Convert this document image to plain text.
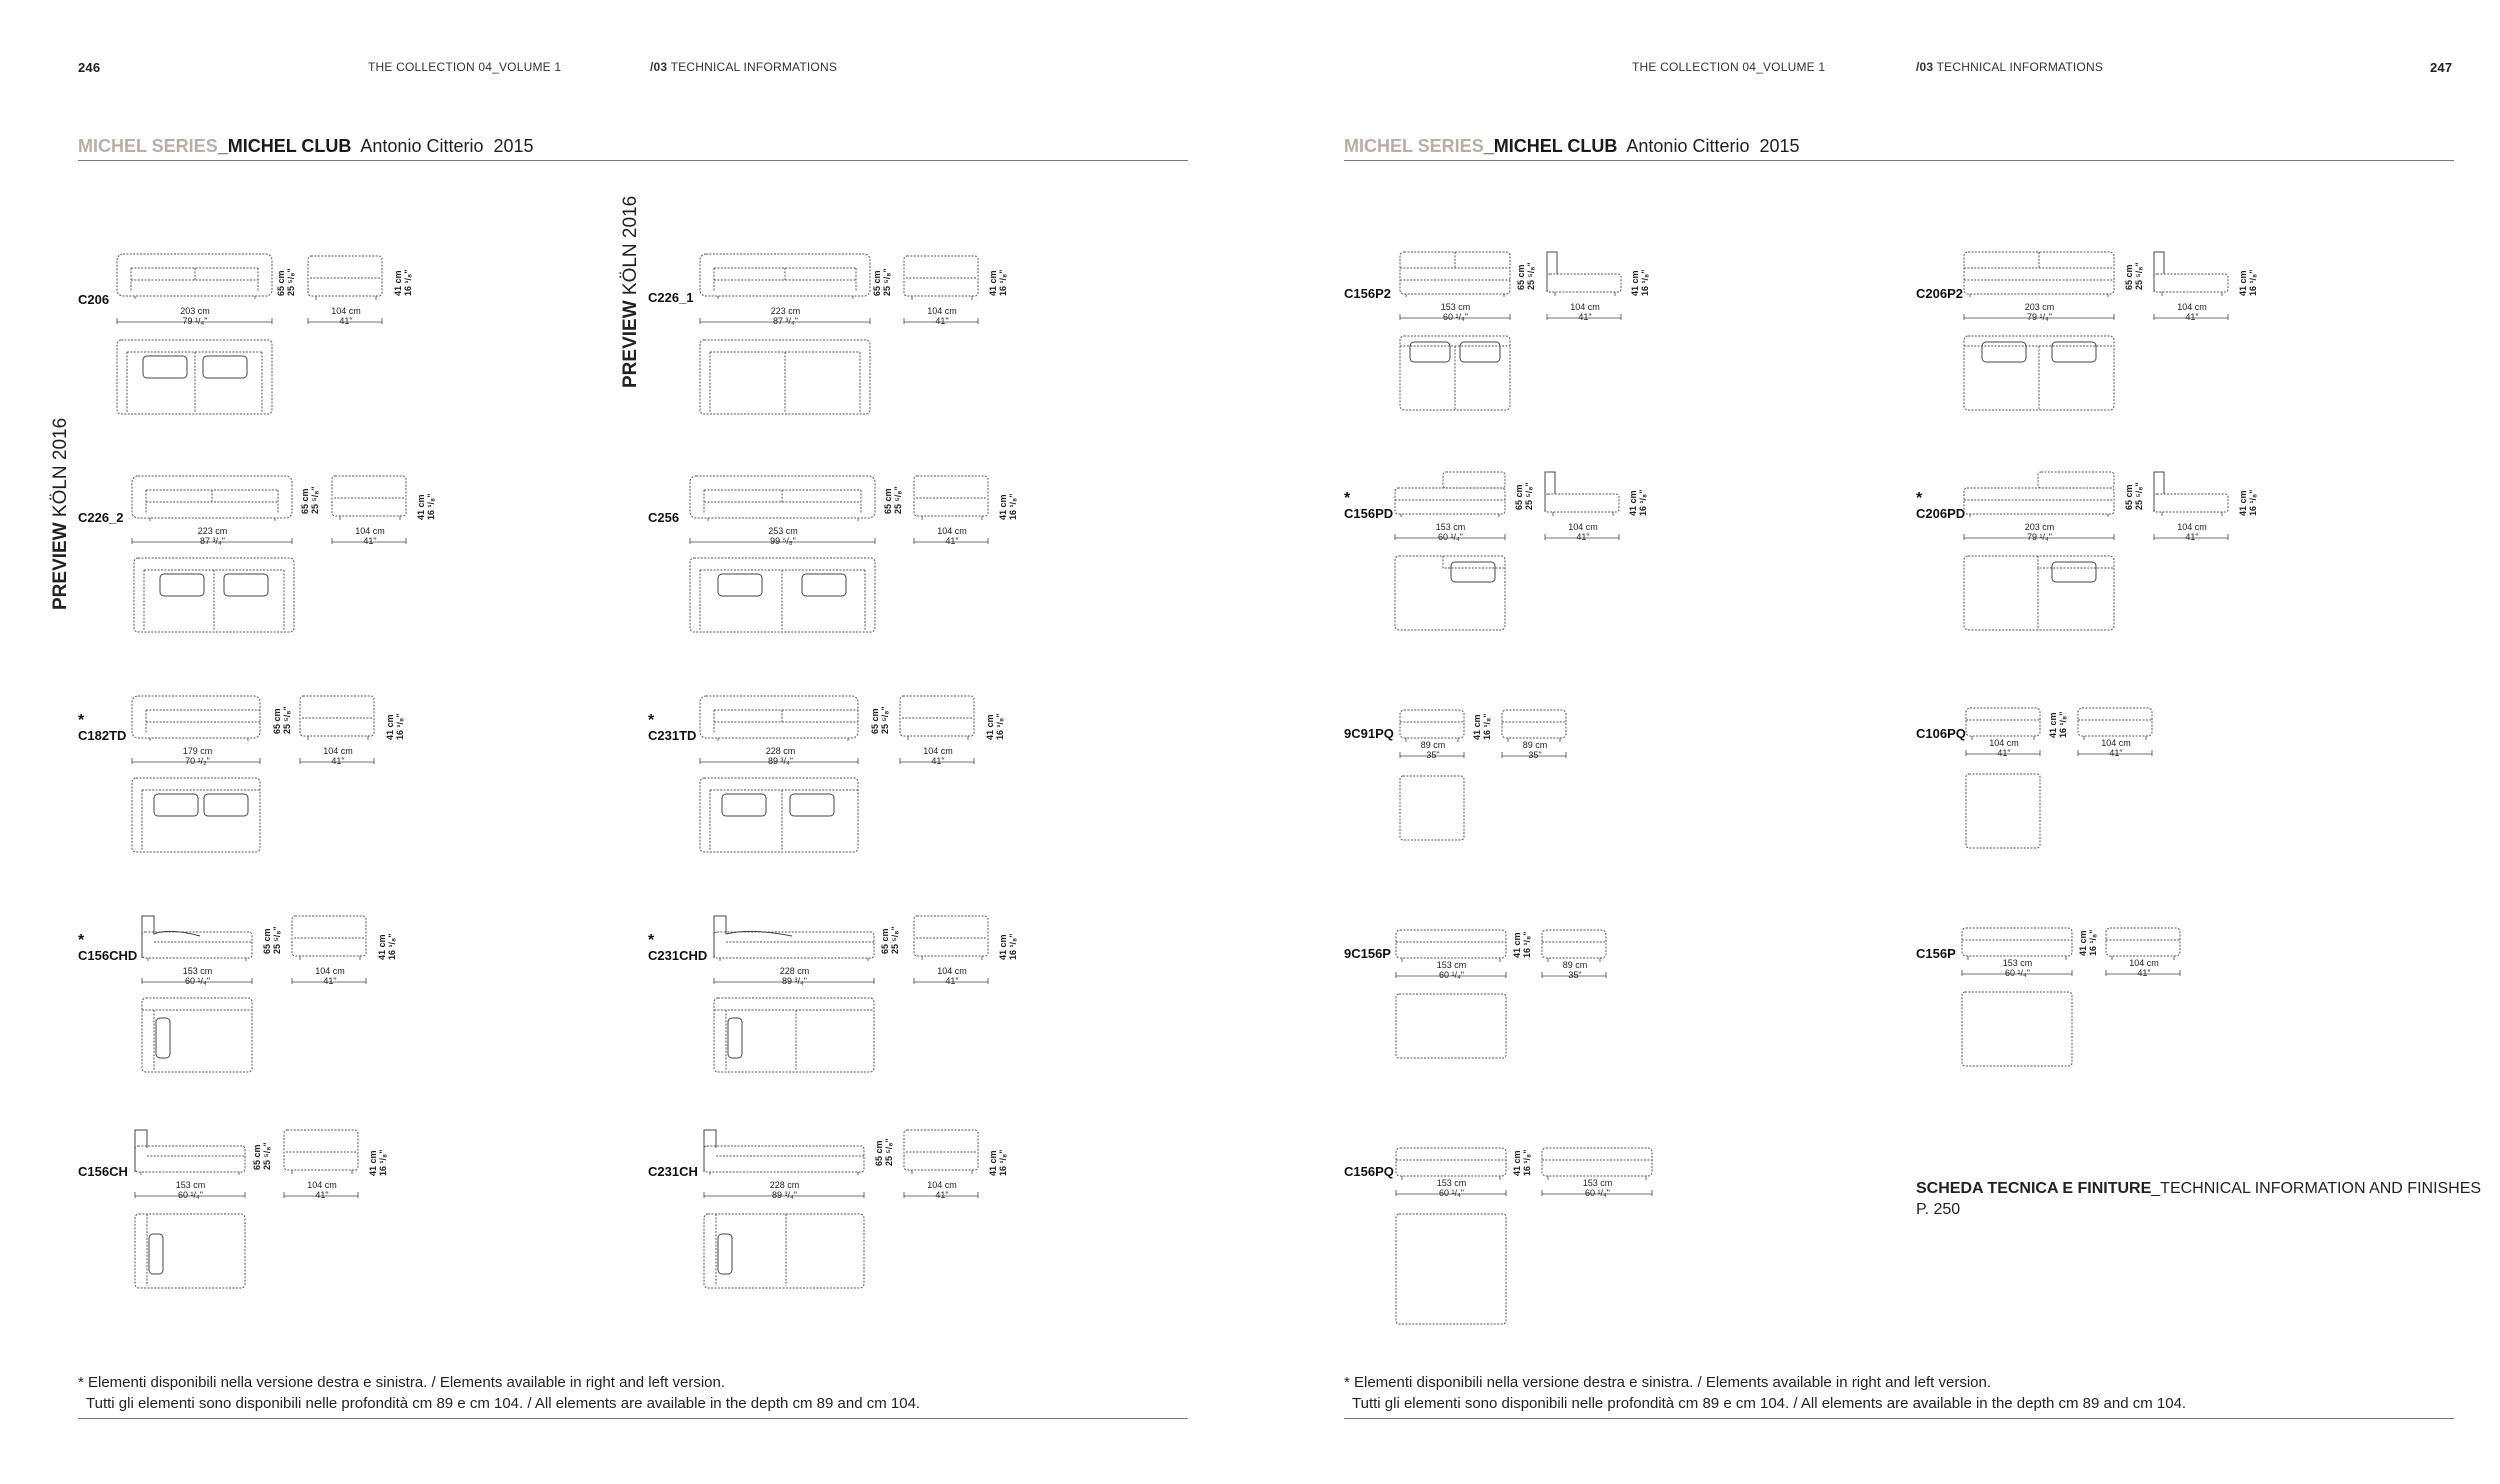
246	THE COLLECTION 04_VOLUME 1	/03 TECHNICAL INFORMATIONS	THE COLLECTION 04_VOLUME 1	/03 TECHNICAL INFORMATIONS	247
MICHEL SERIES_MICHEL CLUB Antonio Citterio 2015	MICHEL SERIES_MICHEL CLUB Antonio Citterio 2015
PREVIEW KÖLN 2016
PREVIEW KÖLN 2016
C206
65 cm
25 ⁵/₈"	41 cm
16 ¹/₈"
203 cm
79 ¹/₄"
104 cm
41"
C226_1
65 cm
25 ⁵/₈"	41 cm
16 ¹/₈"
223 cm
87 ³/₄"
104 cm
41"
C226_2
65 cm
25 ⁵/₈"	41 cm
16 ¹/₈"
223 cm
87 ³/₄"
104 cm
41"
C256
65 cm
25 ⁵/₈"	41 cm
16 ¹/₈"
253 cm
99 ⁵/₈"
104 cm
41"
*
C182TD
65 cm
25 ⁵/₈"	41 cm
16 ¹/₈"
179 cm
70 ¹/₂"
104 cm
41"
*
C231TD
65 cm
25 ⁵/₈"	41 cm
16 ¹/₈"
228 cm
89 ³/₄"
104 cm
41"
*
C156CHD
65 cm
25 ⁵/₈"	41 cm
16 ¹/₈"
153 cm
60 ¹/₄"
104 cm
41"
*
C231CHD
65 cm
25 ⁵/₈"	41 cm
16 ¹/₈"
228 cm
89 ³/₄"
104 cm
41"
C156CH
65 cm
25 ⁵/₈"	41 cm
16 ¹/₈"
153 cm
60 ¹/₄"
104 cm
41"
C231CH
65 cm
25 ⁵/₈"	41 cm
16 ¹/₈"
228 cm
89 ³/₄"
104 cm
41"
C156P2
65 cm
25 ⁵/₈"	41 cm
16 ¹/₈"
153 cm
60 ¹/₄"
104 cm
41"
C206P2
65 cm
25 ⁵/₈"	41 cm
16 ¹/₈"
203 cm
79 ¹/₄"
104 cm
41"
*
C156PD
65 cm
25 ⁵/₈"	41 cm
16 ¹/₈"
153 cm
60 ¹/₄"
104 cm
41"
*
C206PD
65 cm
25 ⁵/₈"	41 cm
16 ¹/₈"
203 cm
79 ¹/₄"
104 cm
41"
9C91PQ	41 cm
16 ¹/₈"
89 cm
35"
89 cm
35"
C106PQ	41 cm
16 ¹/₈"
104 cm
41"
104 cm
41"
9C156P	41 cm
16 ¹/₈"
153 cm
60 ¹/₄"
89 cm
35"
C156P	41 cm
16 ¹/₈"
153 cm
60 ¹/₄"
104 cm
41"
C156PQ	41 cm
16 ¹/₈"
153 cm
60 ¹/₄"
153 cm
60 ¹/₄"	SCHEDA TECNICA E FINITURE_TECHNICAL INFORMATION AND FINISHES
P. 250
* Elementi disponibili nella versione destra e sinistra. / Elements available in right and left version.
Tutti gli elementi sono disponibili nelle profondità cm 89 e cm 104. / All elements are available in the depth cm 89 and cm 104.
* Elementi disponibili nella versione destra e sinistra. / Elements available in right and left version.
Tutti gli elementi sono disponibili nelle profondità cm 89 e cm 104. / All elements are available in the depth cm 89 and cm 104.
